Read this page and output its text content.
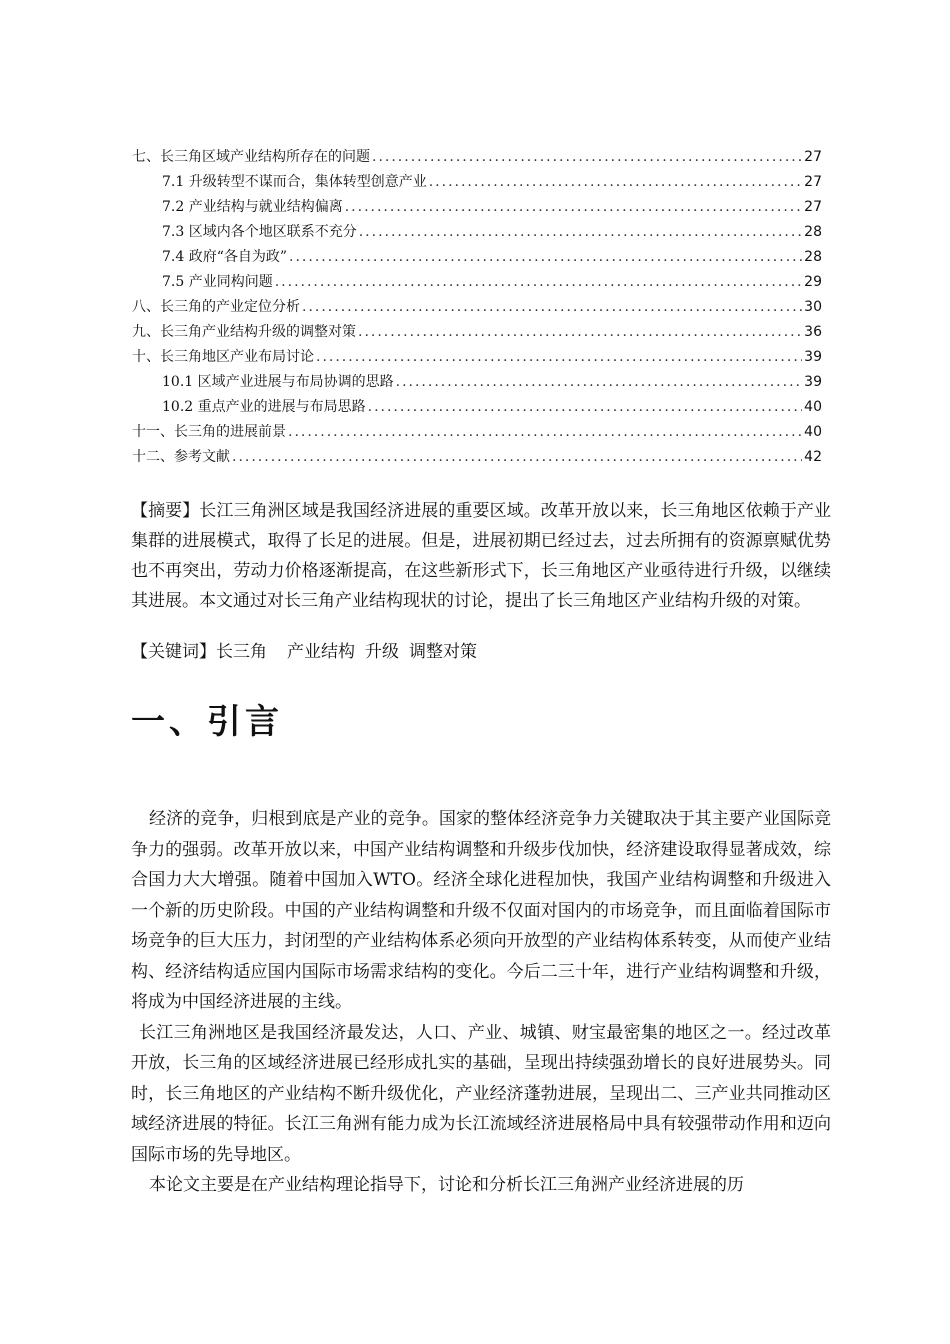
七、长三角区域产业结构所存在的问题 .....	27
7.1 升级转型不谋而合，集体转型创意产业 .....	27
7.2 产业结构与就业结构偏离 .....	27
7.3 区域内各个地区联系不充分 .....	28
7.4 政府“各自为政” .....	28
7.5 产业同构问题 .....	29
八、长三角的产业定位分析 .....	30
九、长三角产业结构升级的调整对策 .....	36
十、长三角地区产业布局讨论 .....	39
10.1 区域产业进展与布局协调的思路 .....	39
10.2 重点产业的进展与布局思路 .....	40
十一、长三角的进展前景 .....	40
十二、参考文献 .....	42

【摘要】长江三角洲区域是我国经济进展的重要区域。改革开放以来，长三角地区依赖于产业集群的进展模式，取得了长足的进展。但是，进展初期已经过去，过去所拥有的资源禀赋优势也不再突出，劳动力价格逐渐提高，在这些新形式下，长三角地区产业亟待进行升级，以继续其进展。本文通过对长三角产业结构现状的讨论，提出了长三角地区产业结构升级的对策。

【关键词】长三角 产业结构 升级 调整对策
一、引言

经济的竞争，归根到底是产业的竞争。国家的整体经济竞争力关键取决于其主要产业国际竞争力的强弱。改革开放以来，中国产业结构调整和升级步伐加快，经济建设取得显著成效，综合国力大大增强。随着中国加入WTO。经济全球化进程加快，我国产业结构调整和升级进入一个新的历史阶段。中国的产业结构调整和升级不仅面对国内的市场竞争，而且面临着国际市场竞争的巨大压力，封闭型的产业结构体系必须向开放型的产业结构体系转变，从而使产业结构、经济结构适应国内国际市场需求结构的变化。今后二三十年，进行产业结构调整和升级，将成为中国经济进展的主线。

长江三角洲地区是我国经济最发达，人口、产业、城镇、财宝最密集的地区之一。经过改革开放，长三角的区域经济进展已经形成扎实的基础，呈现出持续强劲增长的良好进展势头。同时，长三角地区的产业结构不断升级优化，产业经济蓬勃进展，呈现出二、三产业共同推动区域经济进展的特征。长江三角洲有能力成为长江流域经济进展格局中具有较强带动作用和迈向国际市场的先导地区。

本论文主要是在产业结构理论指导下，讨论和分析长江三角洲产业经济进展的历
